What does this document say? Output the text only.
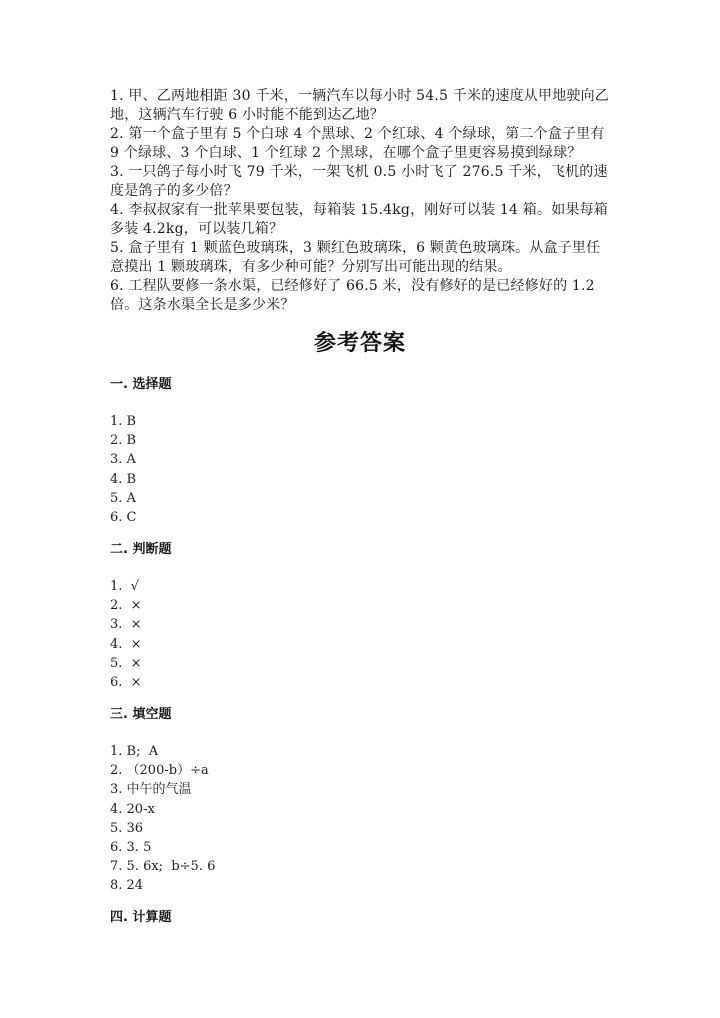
1. 甲、乙两地相距 30 千米，一辆汽车以每小时 54.5 千米的速度从甲地驶向乙地，这辆汽车行驶 6 小时能不能到达乙地？

2. 第一个盒子里有 5 个白球 4 个黑球、2 个红球、4 个绿球，第二个盒子里有 9 个绿球、3 个白球、1 个红球 2 个黑球，在哪个盒子里更容易摸到绿球？

3. 一只鸽子每小时飞 79 千米，一架飞机 0.5 小时飞了 276.5 千米，飞机的速度是鸽子的多少倍？

4. 李叔叔家有一批苹果要包装，每箱装 15.4kg，刚好可以装 14 箱。如果每箱多装 4.2kg，可以装几箱？

5. 盒子里有 1 颗蓝色玻璃珠，3 颗红色玻璃珠，6 颗黄色玻璃珠。从盒子里任意摸出 1 颗玻璃珠，有多少种可能？分别写出可能出现的结果。

6. 工程队要修一条水渠，已经修好了 66.5 米，没有修好的是已经修好的 1.2 倍。这条水渠全长是多少米？

参考答案
一. 选择题
1. B
2. B
3. A
4. B
5. A
6. C
二. 判断题
1.  √
2.  ×
3.  ×
4.  ×
5.  ×
6.  ×
三. 填空题
1. B;  A
2. （200-b）÷a
3. 中午的气温
4. 20-x
5. 36
6. 3. 5
7. 5. 6x;  b÷5. 6
8. 24
四. 计算题
